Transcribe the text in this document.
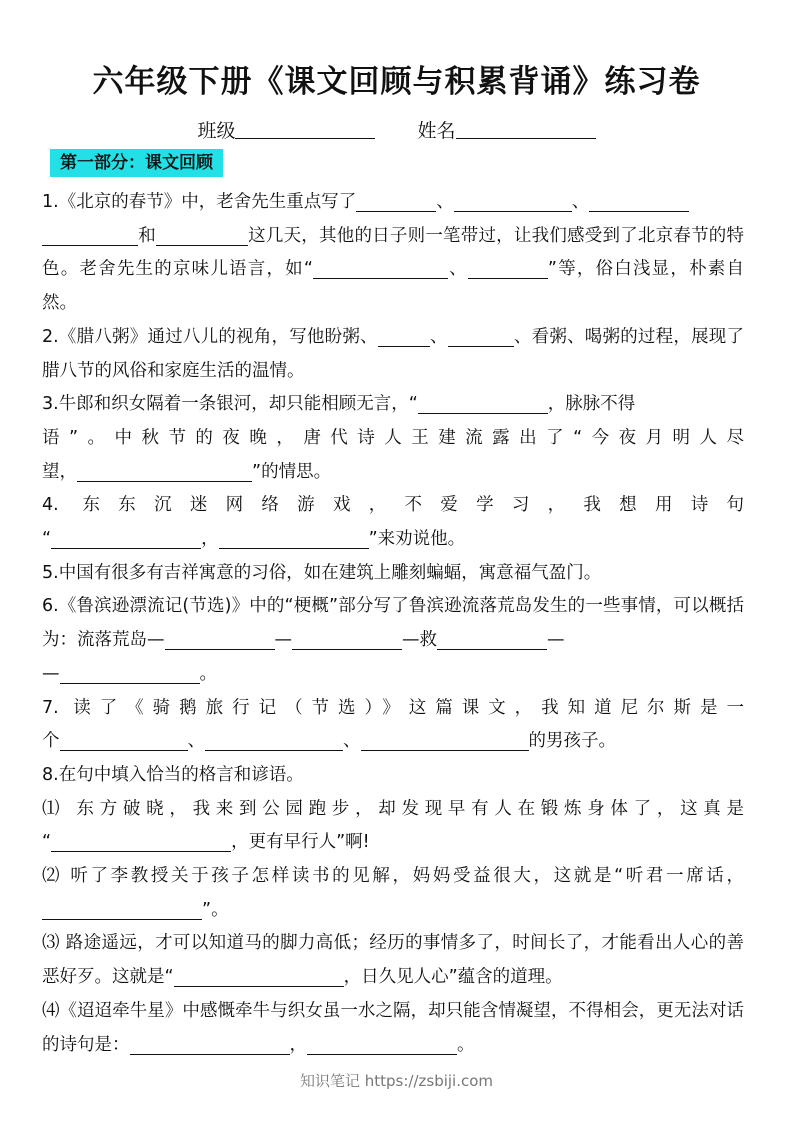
六年级下册《课文回顾与积累背诵》练习卷
班级	姓名
第一部分：课文回顾

1.《北京的春节》中，老舍先生重点写了	、	、
和	这几天，其他的日子则一笔带过，让我们感受到了北京春节的特色。老舍先生的京味儿语言，如“	、	”等，俗白浅显，朴素自然。

2.《腊八粥》通过八儿的视角，写他盼粥、	、	、看粥、喝粥的过程，展现了腊八节的风俗和家庭生活的温情。

3.牛郎和织女隔着一条银河，却只能相顾无言，“	，脉脉不得

语”。中秋节的夜晚，唐代诗人王建流露出了“今夜月明人尽

望，	”的情思。

4. 东东沉迷网络游戏，不爱学习，我想用诗句

“	，	”来劝说他。

5.中国有很多有吉祥寓意的习俗，如在建筑上雕刻蝙蝠，寓意福气盈门。

6.《鲁滨逊漂流记(节选)》中的“梗概”部分写了鲁滨逊流落荒岛发生的一些事情，可以概括为：流落荒岛—	—	—救	—
—	。

7. 读了《骑鹅旅行记（节选）》这篇课文，我知道尼尔斯是一

个	、	、	的男孩子。

8.在句中填入恰当的格言和谚语。

⑴ 东方破晓，我来到公园跑步，却发现早有人在锻炼身体了，这真是

“	，更有早行人”啊!

⑵ 听了李教授关于孩子怎样读书的见解，妈妈受益很大，这就是“听君一席话，”。

⑶ 路途遥远，才可以知道马的脚力高低；经历的事情多了，时间长了，才能看出人心的善恶好歹。这就是“	，日久见人心”蕴含的道理。

⑷《迢迢牵牛星》中感慨牵牛与织女虽一水之隔，却只能含情凝望，不得相会，更无法对话的诗句是：	，	。

知识笔记 https://zsbiji.com
